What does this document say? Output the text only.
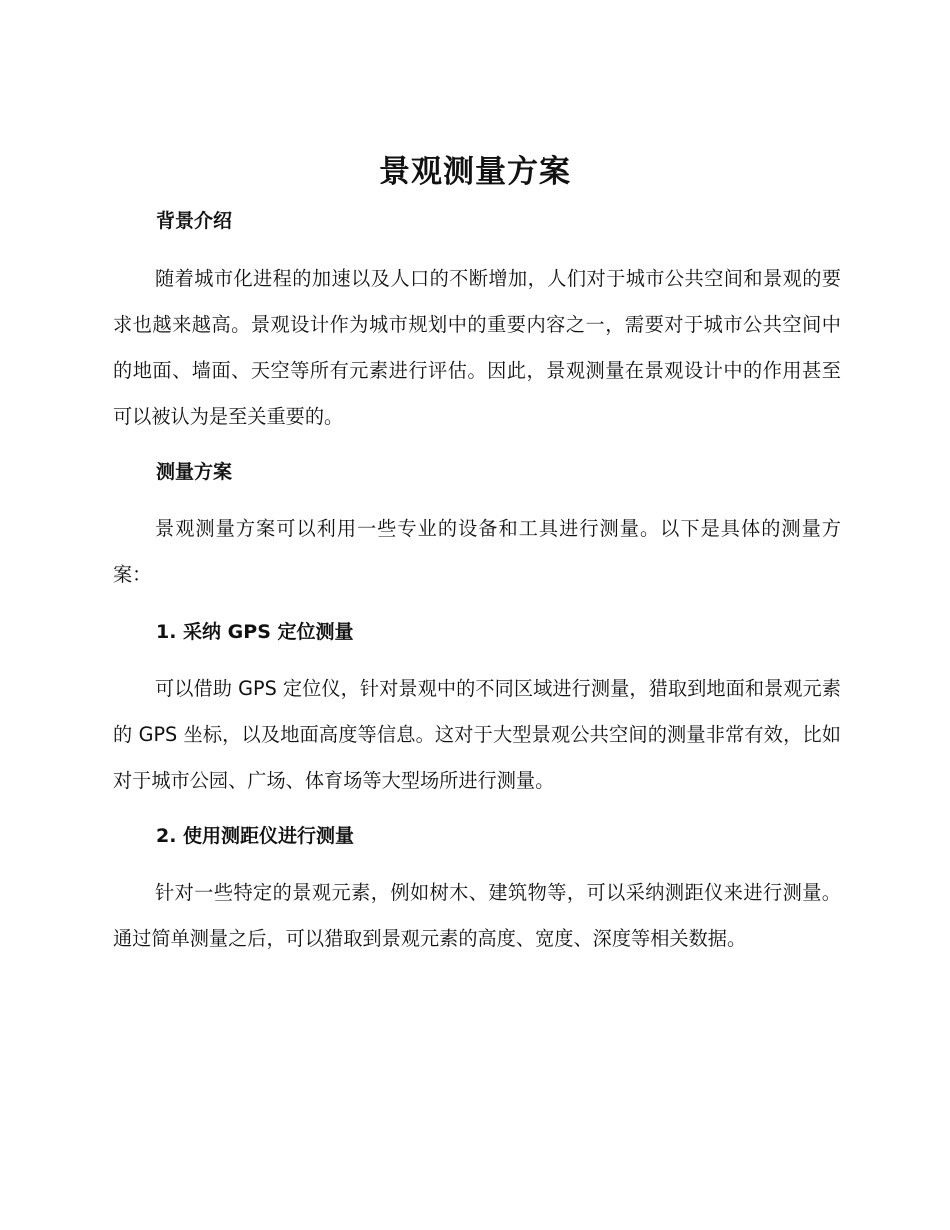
景观测量方案
背景介绍
随着城市化进程的加速以及人口的不断增加，人们对于城市公共空间和景观的要求也越来越高。景观设计作为城市规划中的重要内容之一，需要对于城市公共空间中的地面、墙面、天空等所有元素进行评估。因此，景观测量在景观设计中的作用甚至可以被认为是至关重要的。
测量方案
景观测量方案可以利用一些专业的设备和工具进行测量。以下是具体的测量方案：
1. 采纳 GPS 定位测量
可以借助 GPS 定位仪，针对景观中的不同区域进行测量，猎取到地面和景观元素的 GPS 坐标，以及地面高度等信息。这对于大型景观公共空间的测量非常有效，比如对于城市公园、广场、体育场等大型场所进行测量。
2. 使用测距仪进行测量
针对一些特定的景观元素，例如树木、建筑物等，可以采纳测距仪来进行测量。通过简单测量之后，可以猎取到景观元素的高度、宽度、深度等相关数据。
